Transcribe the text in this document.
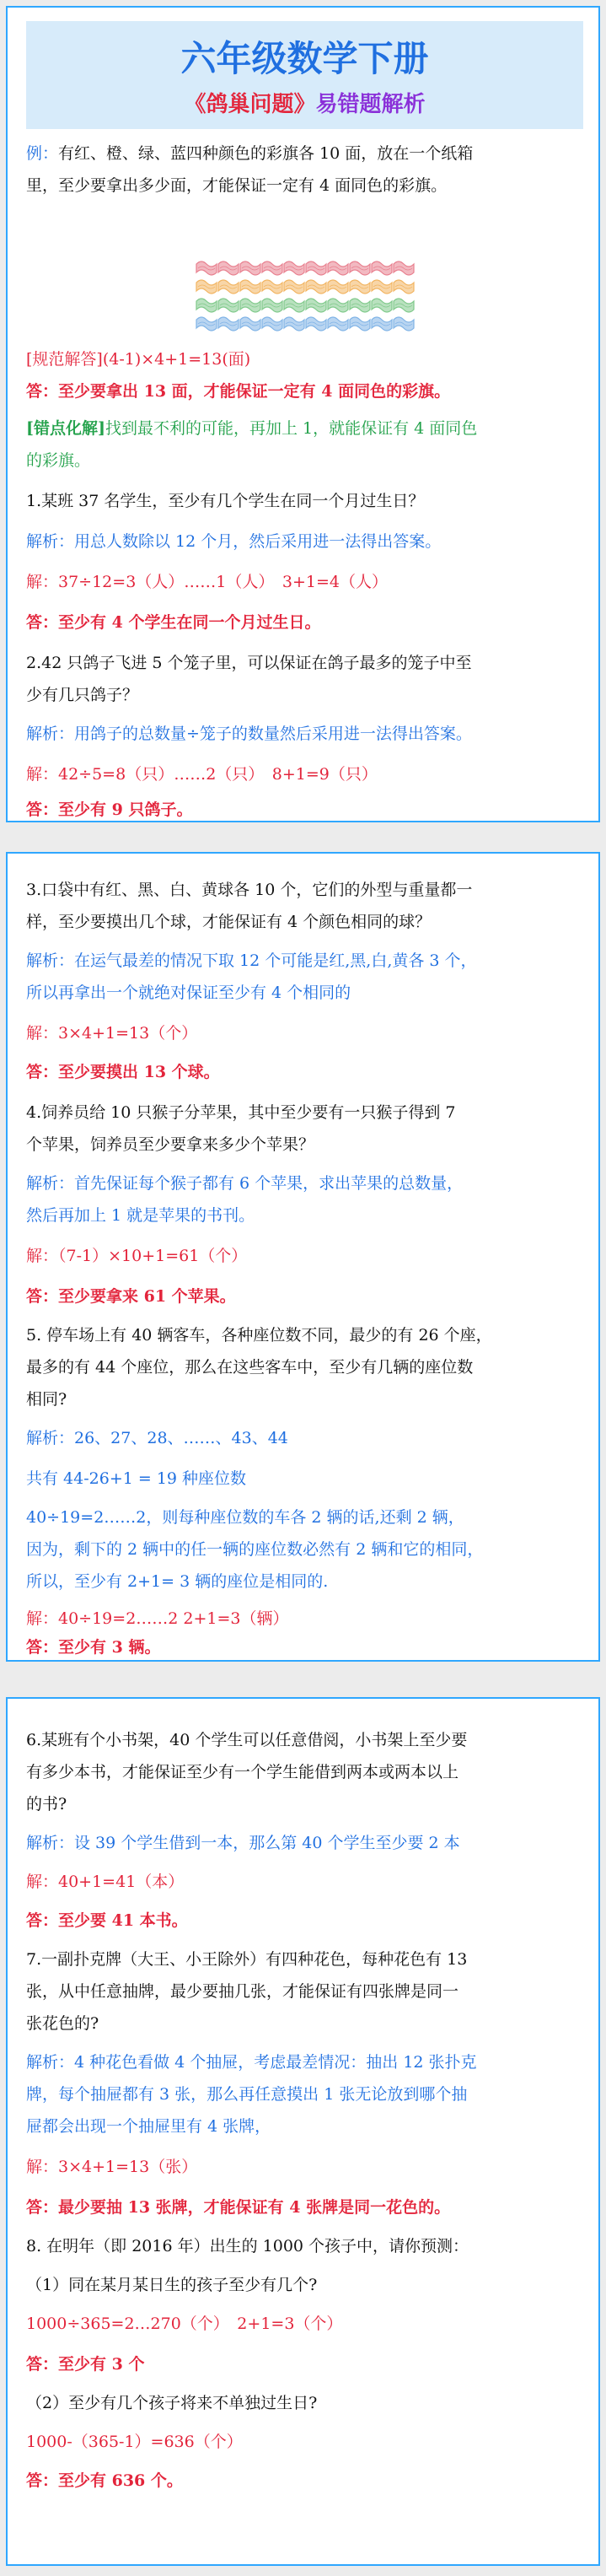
六年级数学下册
《鸽巢问题》易错题解析

例：有红、橙、绿、蓝四种颜色的彩旗各 10 面，放在一个纸箱

里，至少要拿出多少面，才能保证一定有 4 面同色的彩旗。

[规范解答](4-1)×4+1=13(面)

答：至少要拿出 13 面，才能保证一定有 4 面同色的彩旗。

[错点化解]找到最不利的可能，再加上 1，就能保证有 4 面同色

的彩旗。

1.某班 37 名学生，至少有几个学生在同一个月过生日？

解析：用总人数除以 12 个月，然后采用进一法得出答案。

解：37÷12=3（人）……1（人）　3+1=4（人）

答：至少有 4 个学生在同一个月过生日。

2.42 只鸽子飞进 5 个笼子里，可以保证在鸽子最多的笼子中至

少有几只鸽子？

解析：用鸽子的总数量÷笼子的数量然后采用进一法得出答案。

解：42÷5=8（只）……2（只）　8+1=9（只）

答：至少有 9 只鸽子。

3.口袋中有红、黑、白、黄球各 10 个，它们的外型与重量都一

样，至少要摸出几个球，才能保证有 4 个颜色相同的球？

解析：在运气最差的情况下取 12 个可能是红,黑,白,黄各 3 个，

所以再拿出一个就绝对保证至少有 4 个相同的

解：3×4+1=13（个）

答：至少要摸出 13 个球。

4.饲养员给 10 只猴子分苹果，其中至少要有一只猴子得到 7

个苹果，饲养员至少要拿来多少个苹果？

解析：首先保证每个猴子都有 6 个苹果，求出苹果的总数量，

然后再加上 1 就是苹果的书刊。

解：（7-1）×10+1=61（个）

答：至少要拿来 61 个苹果。

5. 停车场上有 40 辆客车，各种座位数不同，最少的有 26 个座，

最多的有 44 个座位，那么在这些客车中，至少有几辆的座位数

相同?

解析：26、27、28、……、43、44

共有 44-26+1 = 19 种座位数

40÷19=2……2，则每种座位数的车各 2 辆的话,还剩 2 辆，

因为，剩下的 2 辆中的任一辆的座位数必然有 2 辆和它的相同，

所以，至少有 2+1= 3 辆的座位是相同的.

解：40÷19=2……2 2+1=3（辆）

答：至少有 3 辆。

6.某班有个小书架，40 个学生可以任意借阅，小书架上至少要

有多少本书，才能保证至少有一个学生能借到两本或两本以上

的书?

解析：设 39 个学生借到一本，那么第 40 个学生至少要 2 本

解：40+1=41（本）

答：至少要 41 本书。

7.一副扑克牌（大王、小王除外）有四种花色，每种花色有 13

张，从中任意抽牌，最少要抽几张，才能保证有四张牌是同一

张花色的?

解析：4 种花色看做 4 个抽屉，考虑最差情况：抽出 12 张扑克

牌，每个抽屉都有 3 张，那么再任意摸出 1 张无论放到哪个抽

屉都会出现一个抽屉里有 4 张牌，

解：3×4+1=13（张）

答：最少要抽 13 张牌，才能保证有 4 张牌是同一花色的。

8. 在明年（即 2016 年）出生的 1000 个孩子中，请你预测：

（1）同在某月某日生的孩子至少有几个?

1000÷365=2…270（个）　2+1=3（个）

答：至少有 3 个

（2）至少有几个孩子将来不单独过生日?

1000-（365-1）=636（个）

答：至少有 636 个。
